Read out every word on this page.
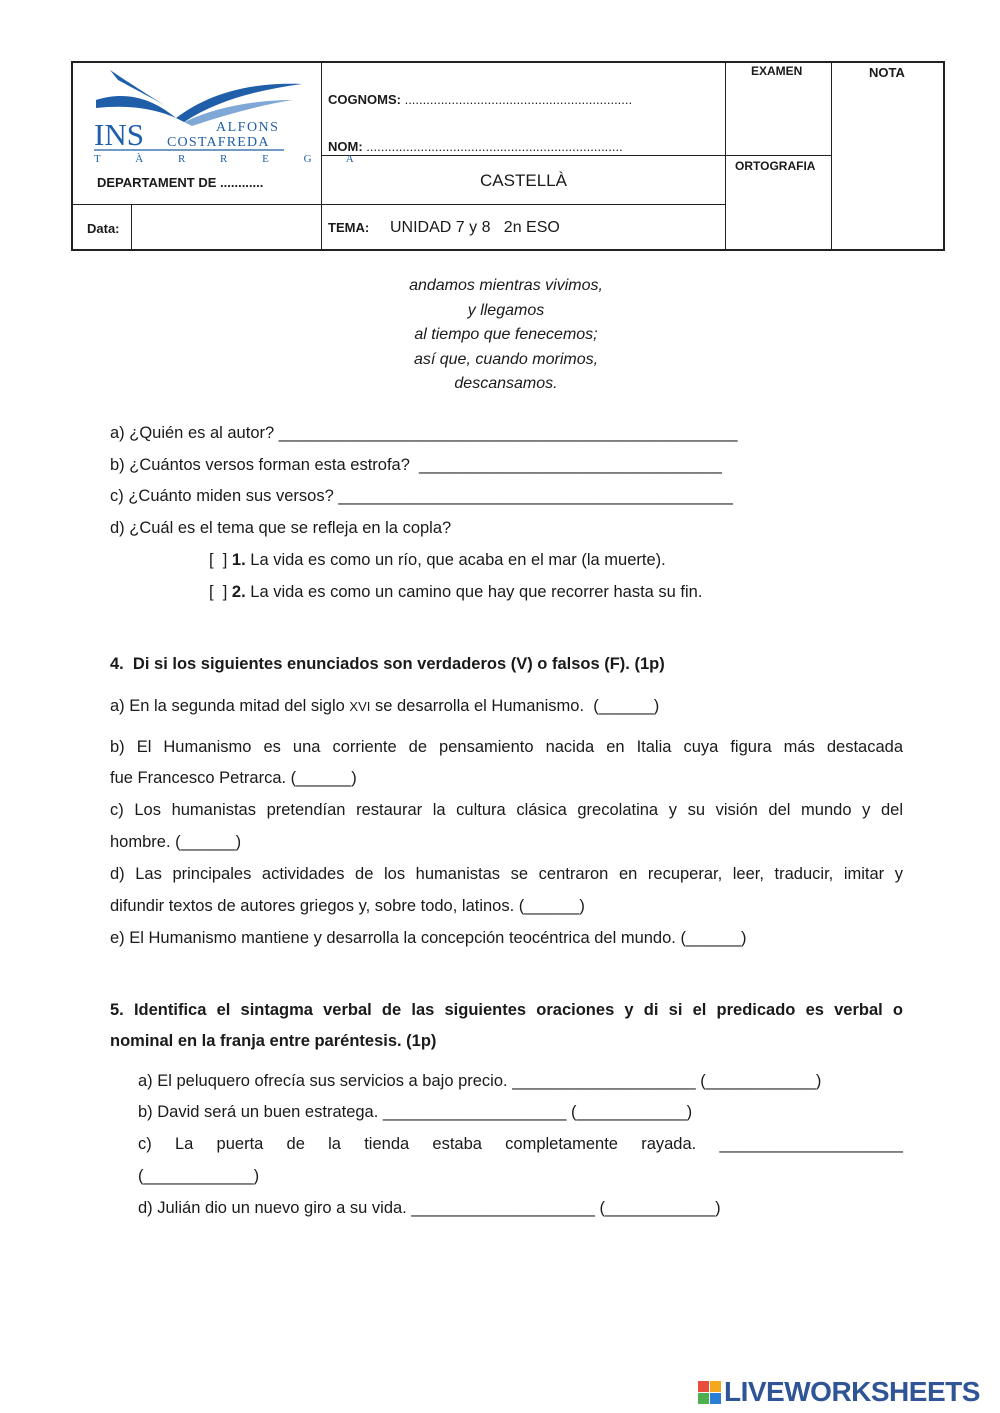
INS	ALFONS
COSTAFREDA
T À R R E G A
DEPARTAMENT DE ............
COGNOMS: ...............................................................
NOM: .......................................................................
CASTELLÀ
EXAMEN	NOTA
ORTOGRAFIA
Data:	TEMA: UNIDAD 7 y 8   2n ESO
andamos mientras vivimos,
y llegamos
al tiempo que fenecemos;
así que, cuando morimos,
descansamos.
a) ¿Quién es al autor? __________________________________________________
b) ¿Cuántos versos forman esta estrofa?  _________________________________
c) ¿Cuánto miden sus versos? ___________________________________________
d) ¿Cuál es el tema que se refleja en la copla?
[  ] 1. La vida es como un río, que acaba en el mar (la muerte).
[  ] 2. La vida es como un camino que hay que recorrer hasta su fin.
4.  Di si los siguientes enunciados son verdaderos (V) o falsos (F). (1p)
a) En la segunda mitad del siglo XVI se desarrolla el Humanismo.  (______)
b) El Humanismo es una corriente de pensamiento nacida en Italia cuya figura más destacada
fue Francesco Petrarca. (______)
c) Los humanistas pretendían restaurar la cultura clásica grecolatina y su visión del mundo y del
hombre. (______)
d) Las principales actividades de los humanistas se centraron en recuperar, leer, traducir, imitar y
difundir textos de autores griegos y, sobre todo, latinos. (______)
e) El Humanismo mantiene y desarrolla la concepción teocéntrica del mundo. (______)
5. Identifica el sintagma verbal de las siguientes oraciones y di si el predicado es verbal o
nominal en la franja entre paréntesis. (1p)
a) El peluquero ofrecía sus servicios a bajo precio. ____________________ (____________)
b) David será un buen estratega. ____________________ (____________)
c) La puerta de la tienda estaba completamente rayada. ____________________
(____________)
d) Julián dio un nuevo giro a su vida. ____________________ (____________)
LIVEWORKSHEETS
